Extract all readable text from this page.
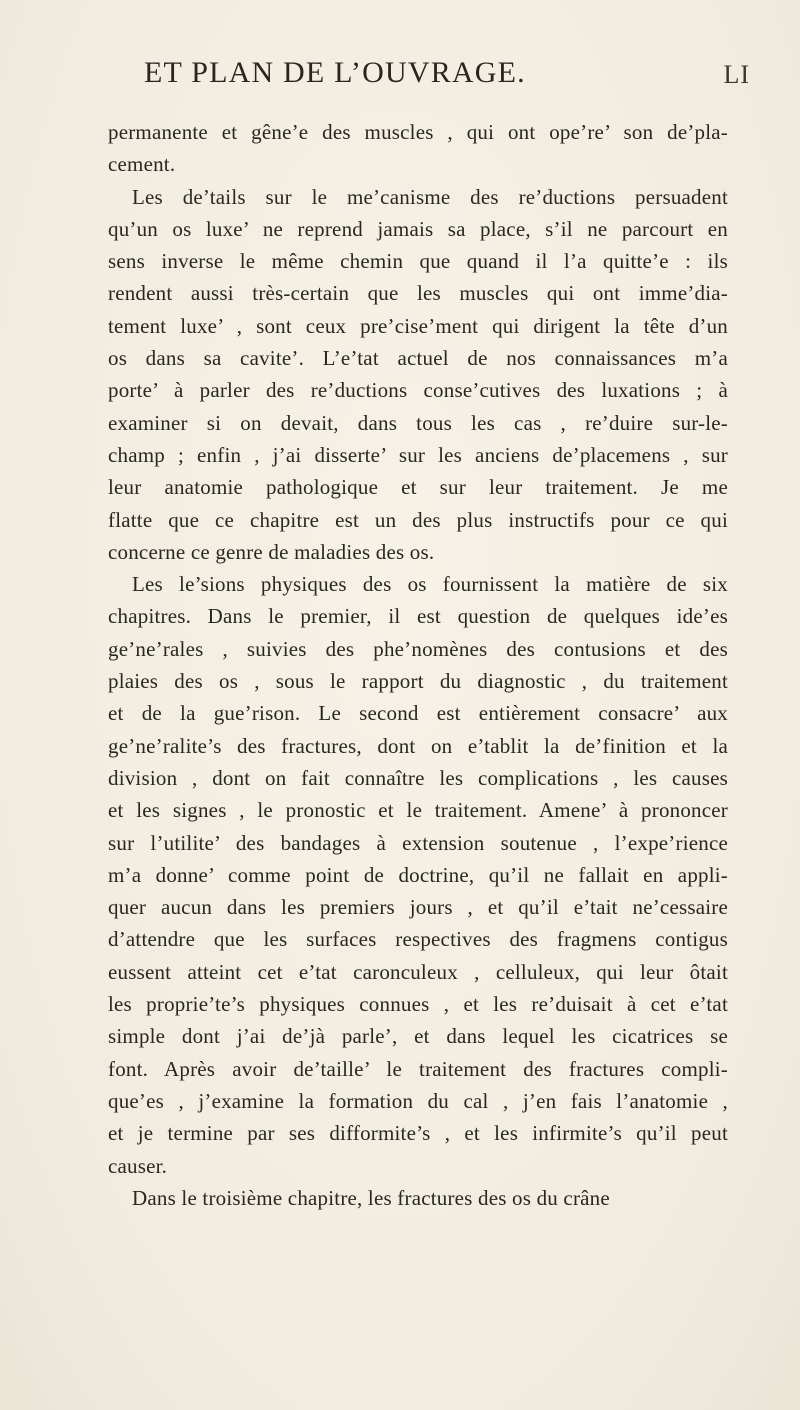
ET PLAN DE L’OUVRAGE.	LI
permanente et gêne’e des muscles , qui ont ope’re’ son de’pla-
cement.
Les de’tails sur le me’canisme des re’ductions persuadent
qu’un os luxe’ ne reprend jamais sa place, s’il ne parcourt en
sens inverse le même chemin que quand il l’a quitte’e : ils
rendent aussi très-certain que les muscles qui ont imme’dia-
tement luxe’ , sont ceux pre’cise’ment qui dirigent la tête d’un
os dans sa cavite’. L’e’tat actuel de nos connaissances m’a
porte’ à parler des re’ductions conse’cutives des luxations ; à
examiner si on devait, dans tous les cas , re’duire sur-le-
champ ; enfin , j’ai disserte’ sur les anciens de’placemens , sur
leur anatomie pathologique et sur leur traitement. Je me
flatte que ce chapitre est un des plus instructifs pour ce qui
concerne ce genre de maladies des os.
Les le’sions physiques des os fournissent la matière de six
chapitres. Dans le premier, il est question de quelques ide’es
ge’ne’rales , suivies des phe’nomènes des contusions et des
plaies des os , sous le rapport du diagnostic , du traitement
et de la gue’rison. Le second est entièrement consacre’ aux
ge’ne’ralite’s des fractures, dont on e’tablit la de’finition et la
division , dont on fait connaître les complications , les causes
et les signes , le pronostic et le traitement. Amene’ à prononcer
sur l’utilite’ des bandages à extension soutenue , l’expe’rience
m’a donne’ comme point de doctrine, qu’il ne fallait en appli-
quer aucun dans les premiers jours , et qu’il e’tait ne’cessaire
d’attendre que les surfaces respectives des fragmens contigus
eussent atteint cet e’tat caronculeux , celluleux, qui leur ôtait
les proprie’te’s physiques connues , et les re’duisait à cet e’tat
simple dont j’ai de’jà parle’, et dans lequel les cicatrices se
font. Après avoir de’taille’ le traitement des fractures compli-
que’es , j’examine la formation du cal , j’en fais l’anatomie ,
et je termine par ses difformite’s , et les infirmite’s qu’il peut
causer.
Dans le troisième chapitre, les fractures des os du crâne
